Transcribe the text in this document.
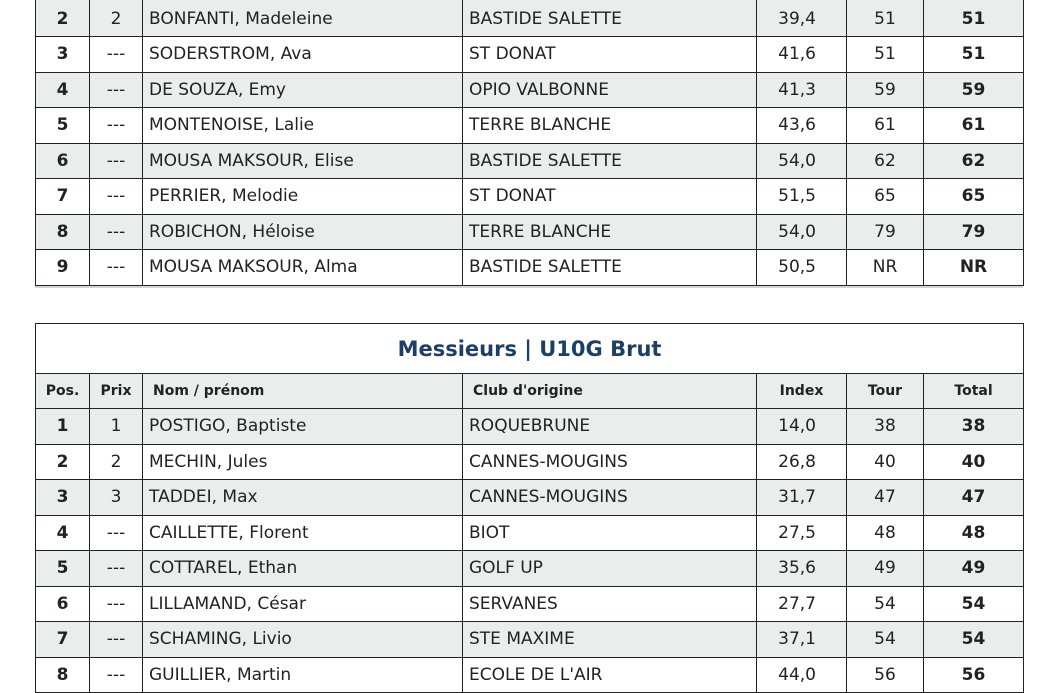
2	2	BONFANTI, Madeleine	BASTIDE SALETTE	39,4	51	51
3	---	SODERSTROM, Ava	ST DONAT	41,6	51	51
4	---	DE SOUZA, Emy	OPIO VALBONNE	41,3	59	59
5	---	MONTENOISE, Lalie	TERRE BLANCHE	43,6	61	61
6	---	MOUSA MAKSOUR, Elise	BASTIDE SALETTE	54,0	62	62
7	---	PERRIER, Melodie	ST DONAT	51,5	65	65
8	---	ROBICHON, Héloise	TERRE BLANCHE	54,0	79	79
9	---	MOUSA MAKSOUR, Alma	BASTIDE SALETTE	50,5	NR	NR
Messieurs | U10G Brut						
Pos.	Prix	Nom / prénom	Club d'origine	Index	Tour	Total
1	1	POSTIGO, Baptiste	ROQUEBRUNE	14,0	38	38
2	2	MECHIN, Jules	CANNES-MOUGINS	26,8	40	40
3	3	TADDEI, Max	CANNES-MOUGINS	31,7	47	47
4	---	CAILLETTE, Florent	BIOT	27,5	48	48
5	---	COTTAREL, Ethan	GOLF UP	35,6	49	49
6	---	LILLAMAND, César	SERVANES	27,7	54	54
7	---	SCHAMING, Livio	STE MAXIME	37,1	54	54
8	---	GUILLIER, Martin	ECOLE DE L'AIR	44,0	56	56
